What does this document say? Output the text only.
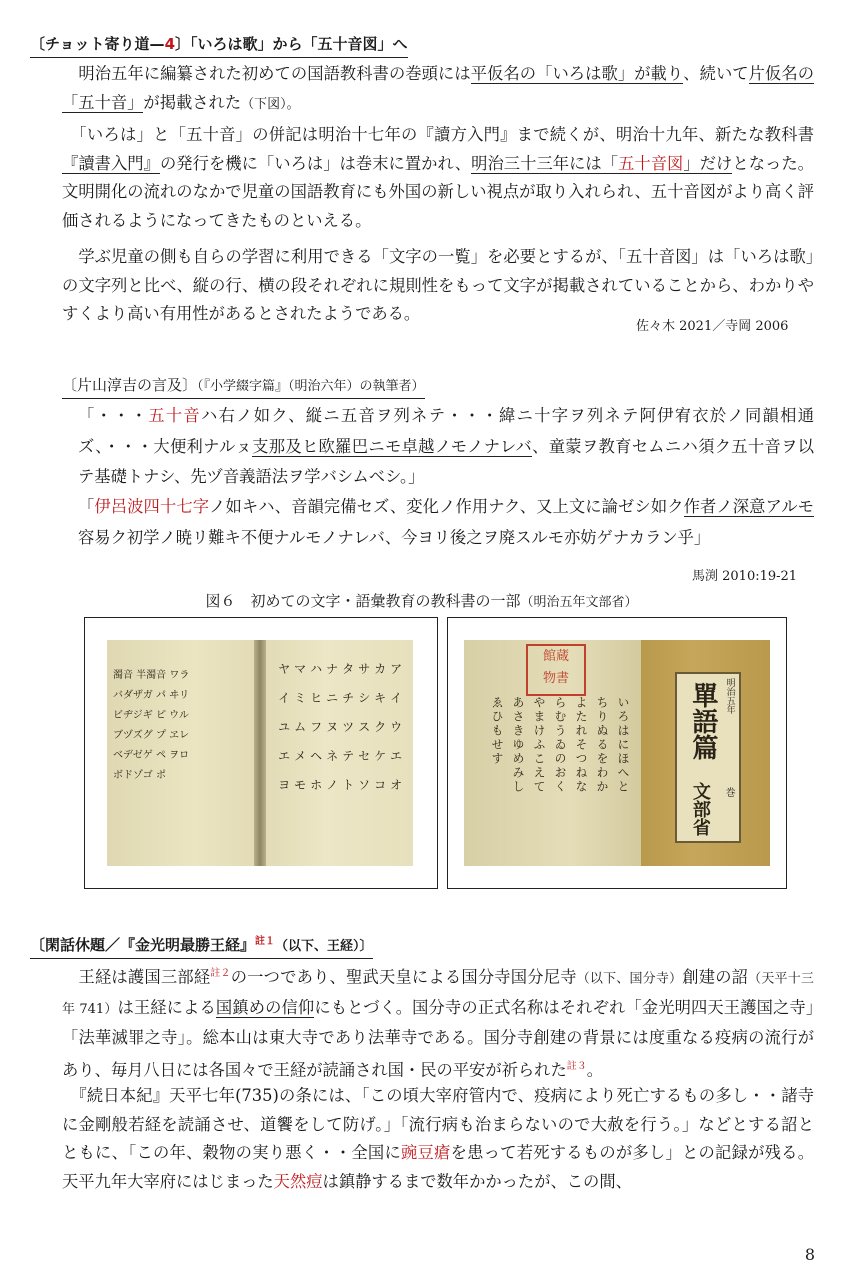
〔チョット寄り道—4〕「いろは歌」から「五十音図」へ

　明治五年に編纂された初めての国語教科書の巻頭には平仮名の「いろは歌」が載り、続いて片仮名の「五十音」が掲載された（下図）。

　「いろは」と「五十音」の併記は明治十七年の『讀方入門』まで続くが、明治十九年、新たな教科書『讀書入門』の発行を機に「いろは」は巻末に置かれ、明治三十三年には「五十音図」だけとなった。文明開化の流れのなかで児童の国語教育にも外国の新しい視点が取り入れられ、五十音図がより高く評価されるようになってきたものといえる。

　学ぶ児童の側も自らの学習に利用できる「文字の一覧」を必要とするが、「五十音図」は「いろは歌」の文字列と比べ、縦の行、横の段それぞれに規則性をもって文字が掲載されていることから、わかりやすくより高い有用性があるとされたようである。

佐々木 2021／寺岡 2006
〔片山淳吉の言及〕（『小学綴字篇』（明治六年）の執筆者）

「・・・五十音ハ右ノ如ク、縦ニ五音ヲ列ネテ・・・緯ニ十字ヲ列ネテ阿伊宥衣於ノ同韻相通ズ、・・・大便利ナルㇴ支那及ヒ欧羅巴ニモ卓越ノモノナレバ、童蒙ヲ教育セムニハ須ク五十音ヲ以テ基礎トナシ、先ヅ音義語法ヲ学バシムベシ。」

「伊呂波四十七字ノ如キハ、音韻完備セズ、変化ノ作用ナク、又上文に論ゼシ如ク作者ノ深意アルモ容易ク初学ノ暁リ難キ不便ナルモノナレバ、今ヨリ後之ヲ廃スルモ亦妨ゲナカラン乎」

馬渕 2010:19-21
図６　初めての文字・語彙教育の教科書の一部（明治五年文部省）
濁音 半濁音 ワラ
バダザガ パ ヰリ
ビヂジギ ピ ウル
ブヅズグ プ ヱレ
ベデゼゲ ペ ヲロ
ボドゾゴ ポ
ヤ マ ハ ナ タ サ カ ア
イ ミ ヒ ニ チ シ キ イ
ユ ム フ ヌ ツ ス ク ウ
エ メ ヘ ネ テ セ ケ エ
ヨ モ ホ ノ ト ソ コ オ
館蔵
物書
いろはにほへと
ちりぬるをわか
よたれそつねな
らむうゐのおく
やまけふこえて
あさきゆめみし
ゑひもせす
明治五年
單語篇
文部省 巻
〔閑話休題／『金光明最勝王経』$^{註1}$（以下、王経）〕

　王経は護国三部経$^{註2}$の一つであり、聖武天皇による国分寺国分尼寺（以下、国分寺）創建の詔（天平十三年 741）は王経による国鎮めの信仰にもとづく。国分寺の正式名称はそれぞれ「金光明四天王護国之寺」「法華滅罪之寺」。総本山は東大寺であり法華寺である。国分寺創建の背景には度重なる疫病の流行があり、毎月八日には各国々で王経が読誦され国・民の平安が祈られた$^{註3}$。

　『続日本紀』天平七年(735)の条には、「この頃大宰府管内で、疫病により死亡するもの多し・・諸寺に金剛般若経を読誦させ、道饗をして防げ。」「流行病も治まらないので大赦を行う。」などとする詔とともに、「この年、穀物の実り悪く・・全国に豌豆瘡を患って若死するものが多し」との記録が残る。天平九年大宰府にはじまった天然痘は鎮静するまで数年かかったが、この間、

8
